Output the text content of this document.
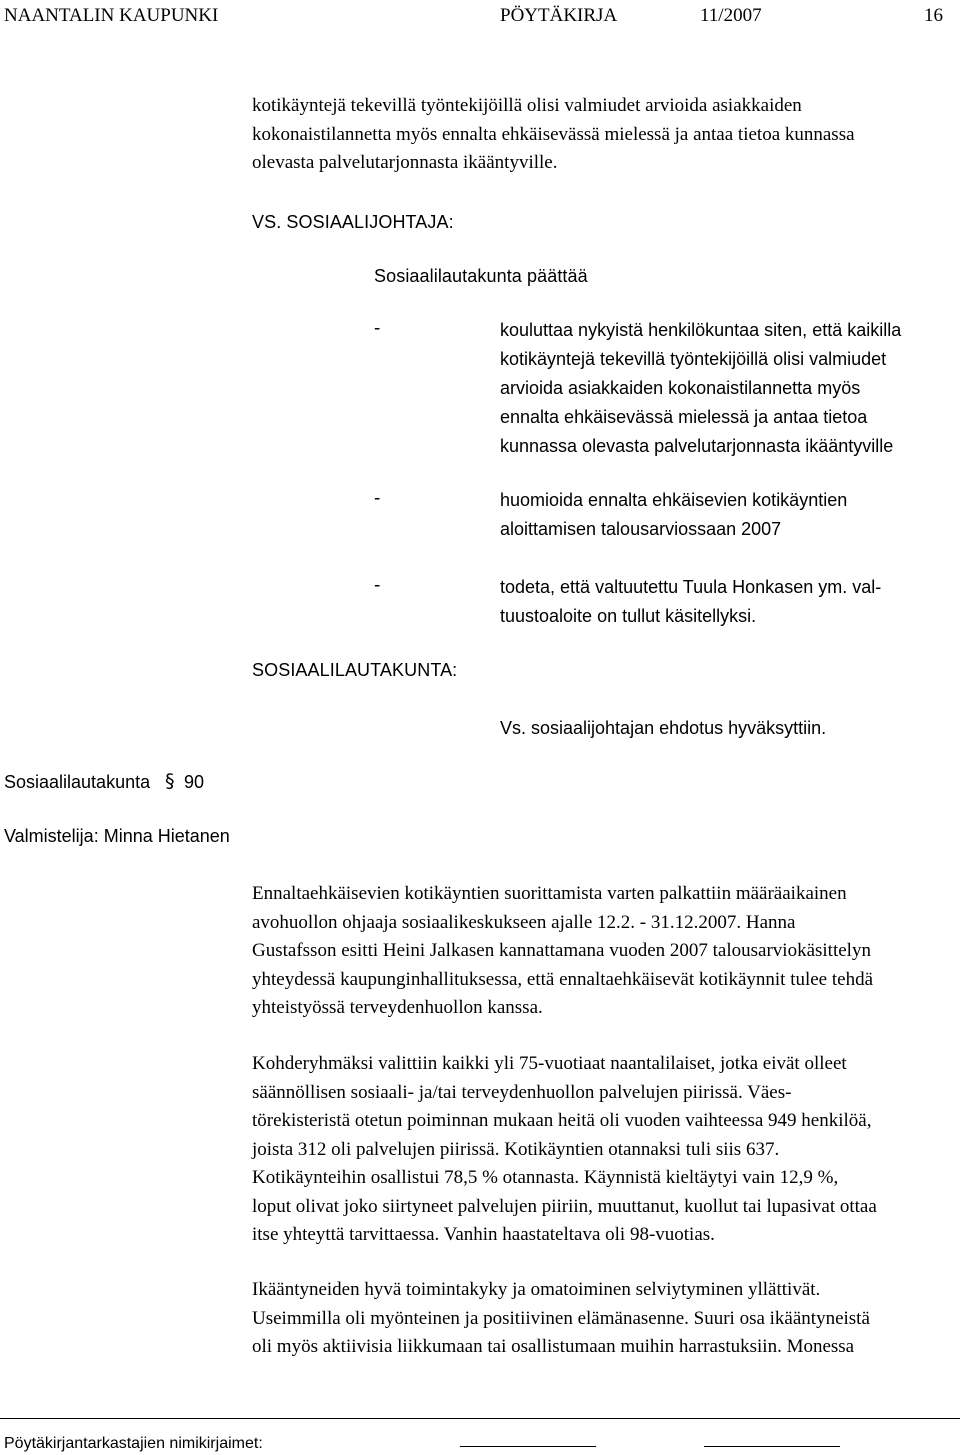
NAANTALIN KAUPUNKI	PÖYTÄKIRJA	11/2007	16
kotikäyntejä tekevillä työntekijöillä olisi valmiudet arvioida asiakkaiden
kokonaistilannetta myös ennalta ehkäisevässä mielessä ja antaa tietoa kunnassa
olevasta palvelutarjonnasta ikääntyville.
VS. SOSIAALIJOHTAJA:
Sosiaalilautakunta päättää
-	kouluttaa nykyistä henkilökuntaa siten, että kaikilla
kotikäyntejä tekevillä työntekijöillä olisi valmiudet
arvioida asiakkaiden kokonaistilannetta myös
ennalta ehkäisevässä mielessä ja antaa tietoa
kunnassa olevasta palvelutarjonnasta ikääntyville
-	huomioida ennalta ehkäisevien kotikäyntien
aloittamisen talousarviossaan 2007
-	todeta, että valtuutettu Tuula Honkasen ym. val-
tuustoaloite on tullut käsitellyksi.
SOSIAALILAUTAKUNTA:
Vs. sosiaalijohtajan ehdotus hyväksyttiin.
Sosiaalilautakunta § 90
Valmistelija: Minna Hietanen
Ennaltaehkäisevien kotikäyntien suorittamista varten palkattiin määräaikainen
avohuollon ohjaaja sosiaalikeskukseen ajalle 12.2. - 31.12.2007. Hanna
Gustafsson esitti Heini Jalkasen kannattamana vuoden 2007 talousarviokäsittelyn
yhteydessä kaupunginhallituksessa, että ennaltaehkäisevät kotikäynnit tulee tehdä
yhteistyössä terveydenhuollon kanssa.
Kohderyhmäksi valittiin kaikki yli 75-vuotiaat naantalilaiset, jotka eivät olleet
säännöllisen sosiaali- ja/tai terveydenhuollon palvelujen piirissä. Väes-
törekisteristä otetun poiminnan mukaan heitä oli vuoden vaihteessa 949 henkilöä,
joista 312 oli palvelujen piirissä. Kotikäyntien otannaksi tuli siis 637.
Kotikäynteihin osallistui 78,5 % otannasta. Käynnistä kieltäytyi vain 12,9 %,
loput olivat joko siirtyneet palvelujen piiriin, muuttanut, kuollut tai lupasivat ottaa
itse yhteyttä tarvittaessa. Vanhin haastateltava oli 98-vuotias.
Ikääntyneiden hyvä toimintakyky ja omatoiminen selviytyminen yllättivät.
Useimmilla oli myönteinen ja positiivinen elämänasenne. Suuri osa ikääntyneistä
oli myös aktiivisia liikkumaan tai osallistumaan muihin harrastuksiin. Monessa
Pöytäkirjantarkastajien nimikirjaimet:
